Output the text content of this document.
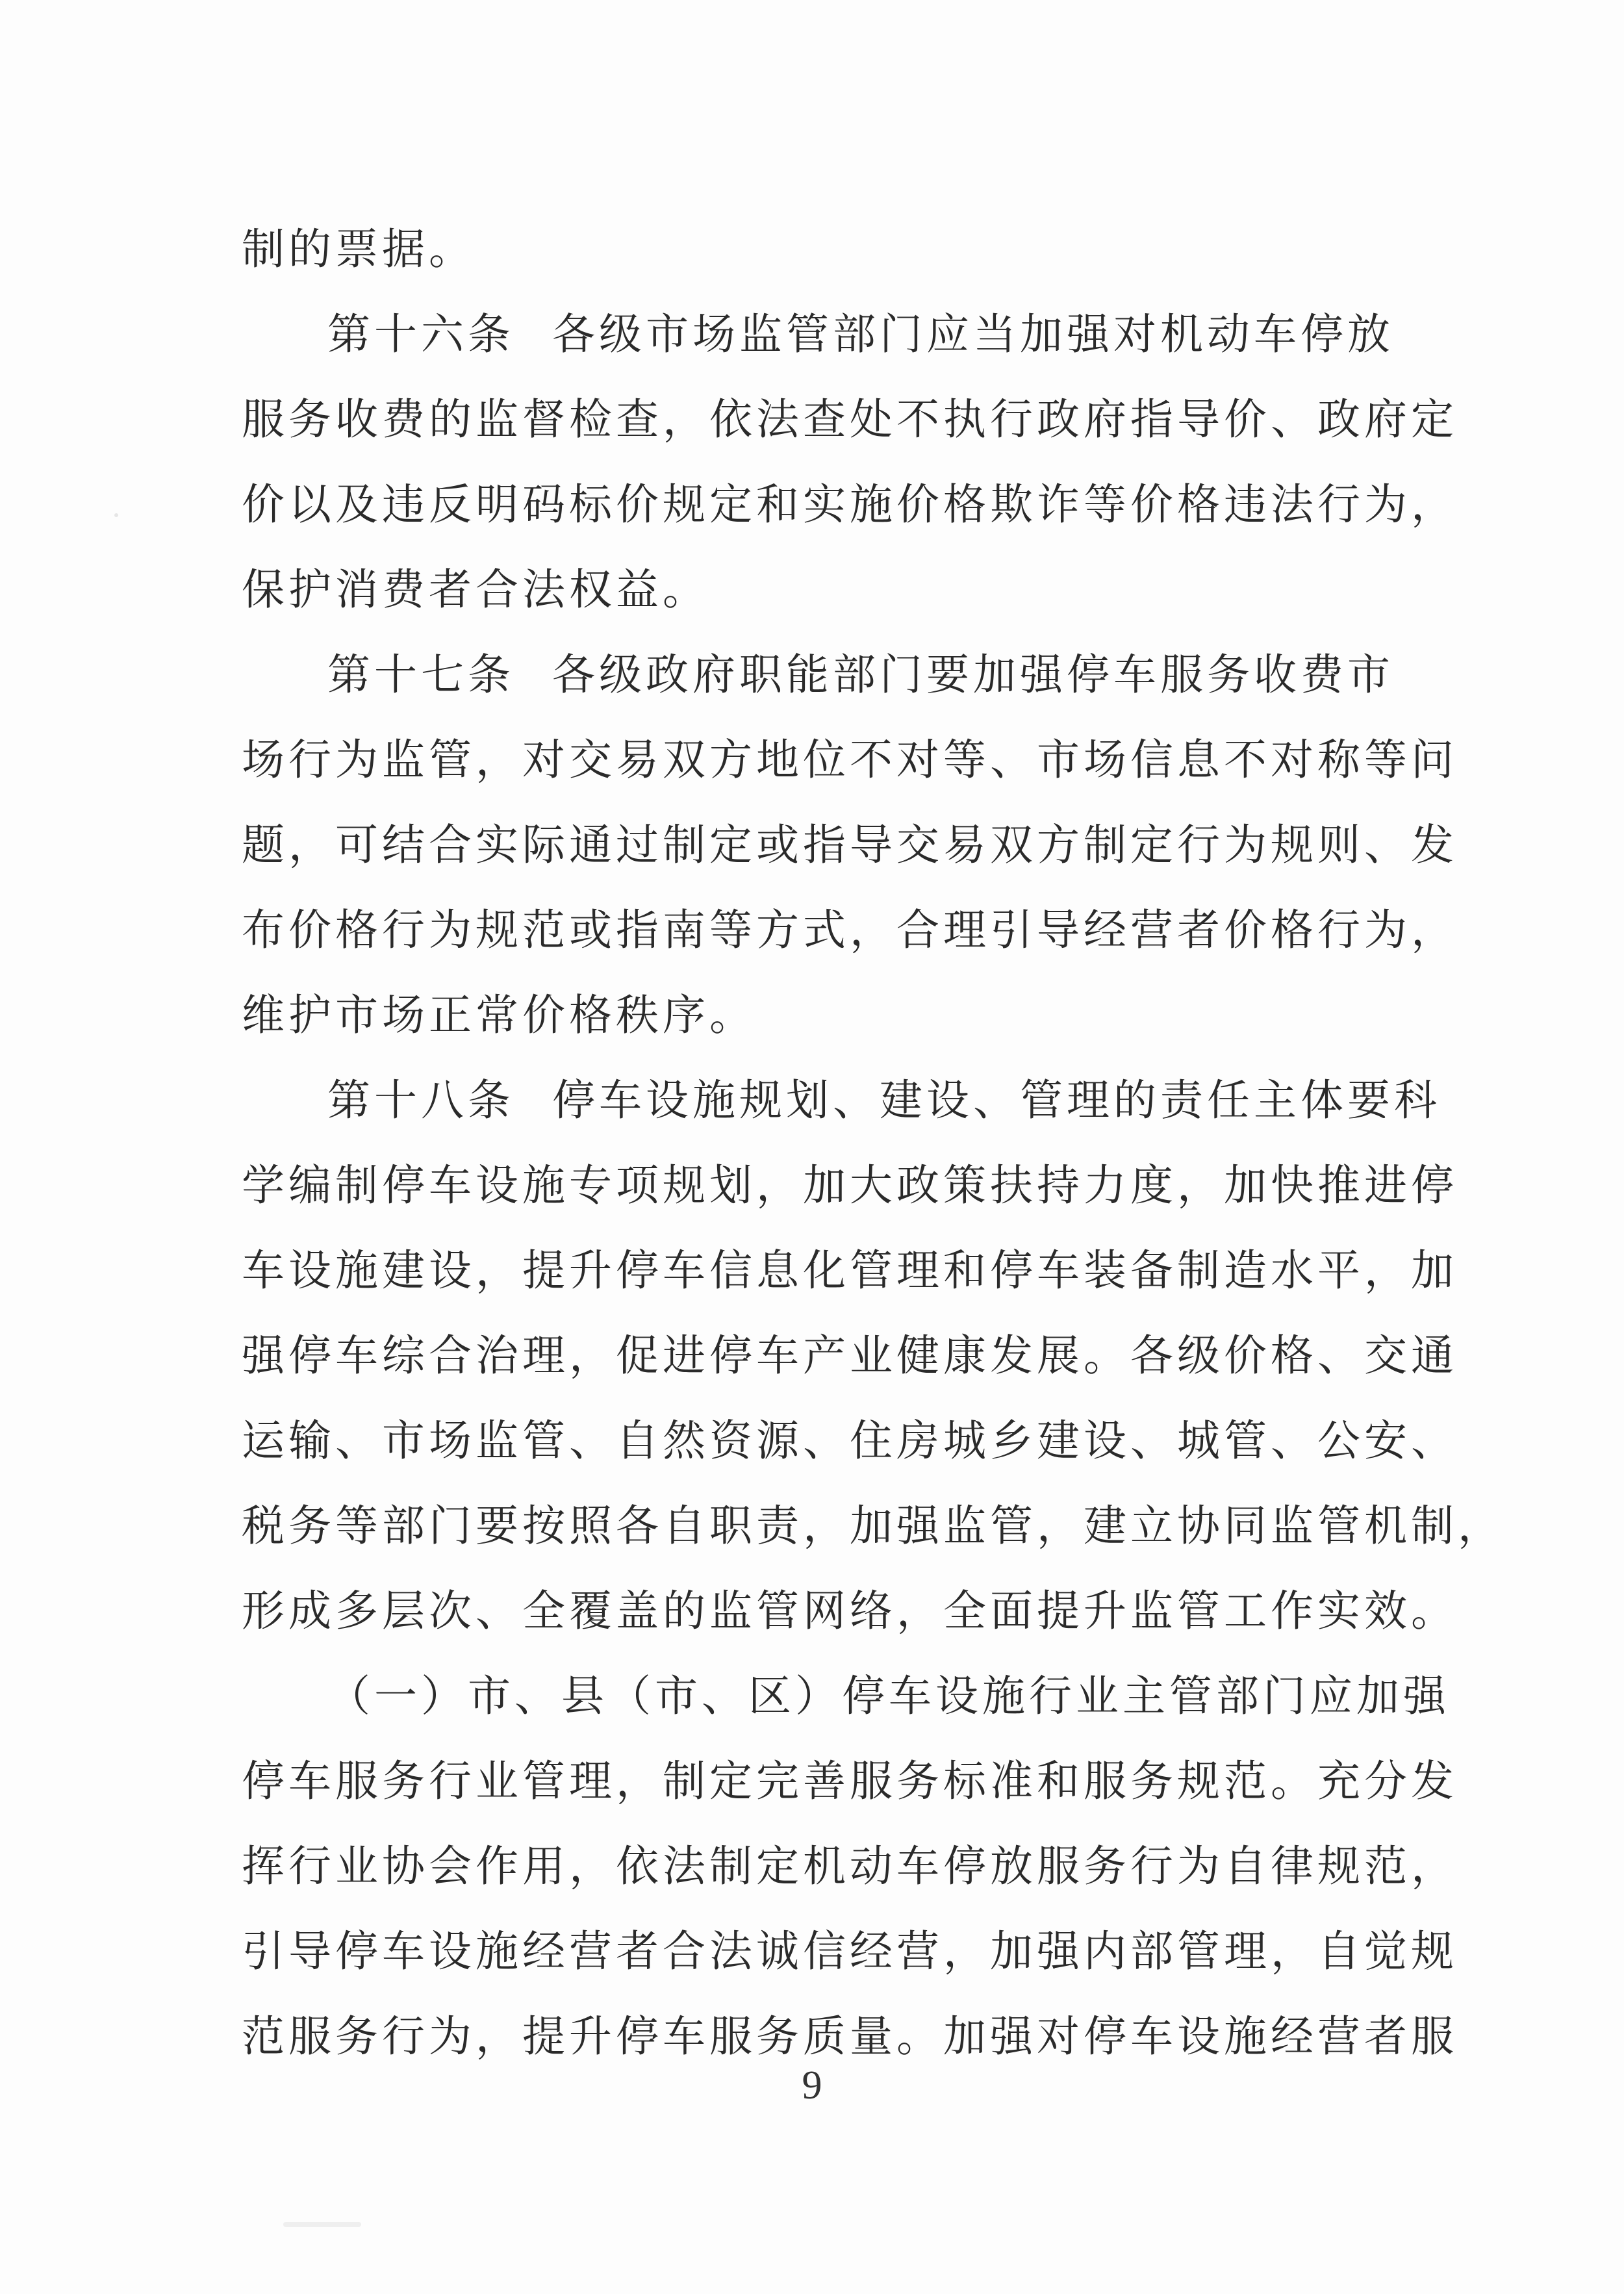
制的票据。
第十六条 各级市场监管部门应当加强对机动车停放
服务收费的监督检查，依法查处不执行政府指导价、政府定
价以及违反明码标价规定和实施价格欺诈等价格违法行为，
保护消费者合法权益。
第十七条 各级政府职能部门要加强停车服务收费市
场行为监管，对交易双方地位不对等、市场信息不对称等问
题，可结合实际通过制定或指导交易双方制定行为规则、发
布价格行为规范或指南等方式，合理引导经营者价格行为，
维护市场正常价格秩序。
第十八条 停车设施规划、建设、管理的责任主体要科
学编制停车设施专项规划，加大政策扶持力度，加快推进停
车设施建设，提升停车信息化管理和停车装备制造水平，加
强停车综合治理，促进停车产业健康发展。各级价格、交通
运输、市场监管、自然资源、住房城乡建设、城管、公安、
税务等部门要按照各自职责，加强监管，建立协同监管机制，
形成多层次、全覆盖的监管网络，全面提升监管工作实效。
（一）市、县（市、区）停车设施行业主管部门应加强
停车服务行业管理，制定完善服务标准和服务规范。充分发
挥行业协会作用，依法制定机动车停放服务行为自律规范，
引导停车设施经营者合法诚信经营，加强内部管理，自觉规
范服务行为，提升停车服务质量。加强对停车设施经营者服
9
